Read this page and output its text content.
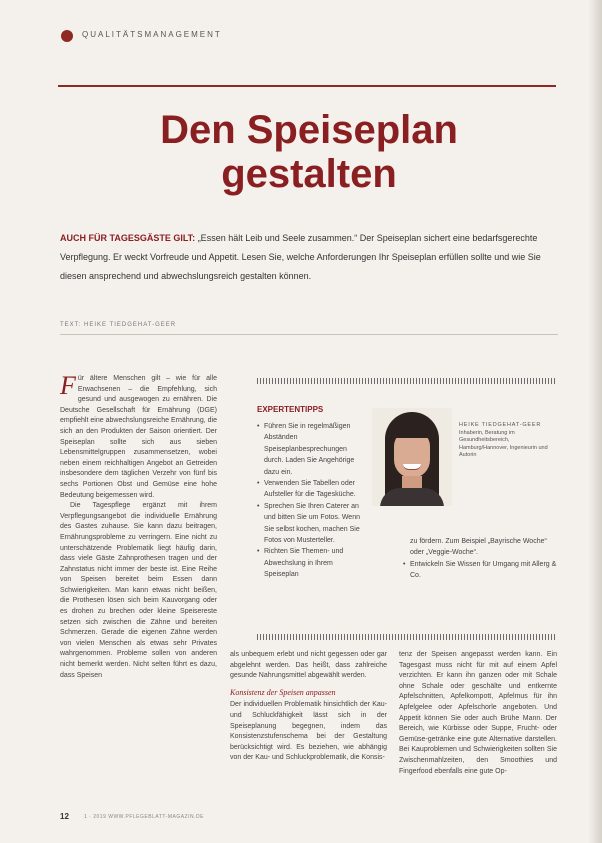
QUALITÄTSMANAGEMENT
Den Speiseplan
gestalten
AUCH FÜR TAGESGÄSTE GILT: „Essen hält Leib und Seele zusammen.“ Der Speiseplan sichert eine bedarfsgerechte Verpflegung. Er weckt Vorfreude und Appetit. Lesen Sie, welche Anforderungen Ihr Speiseplan erfüllen sollte und wie Sie diesen ansprechend und abwechslungsreich gestalten können.
TEXT: HEIKE TIEDGEHAT-GEER
F ür ältere Menschen gilt – wie für alle Erwachsenen – die Empfehlung, sich gesund und ausgewogen zu ernähren. Die Deutsche Gesellschaft für Ernährung (DGE) empfiehlt eine abwechslungsreiche Ernährung, die sich an den Produkten der Saison orientiert. Der Speiseplan sollte sich aus sieben Lebensmittelgruppen zusammensetzen, wobei neben einem reichhaltigen Angebot an Getreiden insbesondere dem täglichen Verzehr von fünf bis sechs Portionen Obst und Gemüse eine hohe Bedeutung beigemessen wird.

Die Tagespflege ergänzt mit ihrem Verpflegungsangebot die individuelle Ernährung des Gastes zuhause. Sie kann dazu beitragen, Ernährungsprobleme zu verringern. Eine nicht zu unterschätzende Problematik liegt häufig darin, dass viele Gäste Zahnprothesen tragen und der Zahnstatus nicht immer der beste ist. Eine Reihe von Speisen bereitet beim Essen dann Schwierigkeiten. Man kann etwas nicht beißen, die Prothesen lösen sich beim Kauvorgang oder es drohen zu brechen oder kleine Speisereste setzen sich zwischen die Zähne und bereiten Schmerzen. Gerade die eigenen Zähne werden von vielen Menschen als etwas sehr Privates wahrgenommen. Probleme sollen von anderen nicht bemerkt werden. Nicht selten führt es dazu, dass Speisen

EXPERTENTIPPS
• Führen Sie in regelmäßigen Abständen Speiseplanbesprechungen durch. Laden Sie Angehörige dazu ein.
• Verwenden Sie Tabellen oder Aufsteller für die Tagesküche.
• Sprechen Sie Ihren Caterer an und bitten Sie um Fotos. Wenn Sie selbst kochen, machen Sie Fotos von Musterteller.
• Richten Sie Themen- und Abwechslung in Ihrem Speiseplan
HEIKE TIEDGEHAT-GEER
Inhaberin, Beratung im Gesundheitsbereich, Hamburg/Hannover, Ingenieurin und Autorin
zu fördern. Zum Beispiel „Bayrische Woche“ oder „Veggie-Woche“.
• Entwickeln Sie Wissen für Umgang mit Allerg & Co.

als unbequem erlebt und nicht gegessen oder gar abgelehnt werden. Das heißt, dass zahlreiche gesunde Nahrungsmittel abgewählt werden.

Konsistenz der Speisen anpassen

Der individuellen Problematik hinsichtlich der Kau- und Schluckfähigkeit lässt sich in der Speiseplanung begegnen, indem das Konsistenzstufenschema bei der Gestaltung berücksichtigt wird. Es beziehen, wie abhängig von der Kau- und Schluckproblematik, die Konsis-

tenz der Speisen angepasst werden kann. Ein Tagesgast muss nicht für mit auf einem Apfel verzichten. Er kann ihn ganzen oder mit Schale ohne Schale oder geschälte und entkernte Apfelschnitten, Apfelkompott, Apfelmus für ihn Apfelgelee oder Apfelschorle angeboten. Und Appetit können Sie oder auch Brühe Mann. Der Bereich, wie Kürbisse oder Suppe, Frucht- oder Gemüse-getränke eine gute Alternative darstellen. Bei Kauproblemen und Schwierigkeiten sollten Sie Zwischenmahlzeiten, den Smoothies und Fingerfood ebenfalls eine gute Op-

12	1 · 2019 WWW.PFLEGEBLATT-MAGAZIN.DE
